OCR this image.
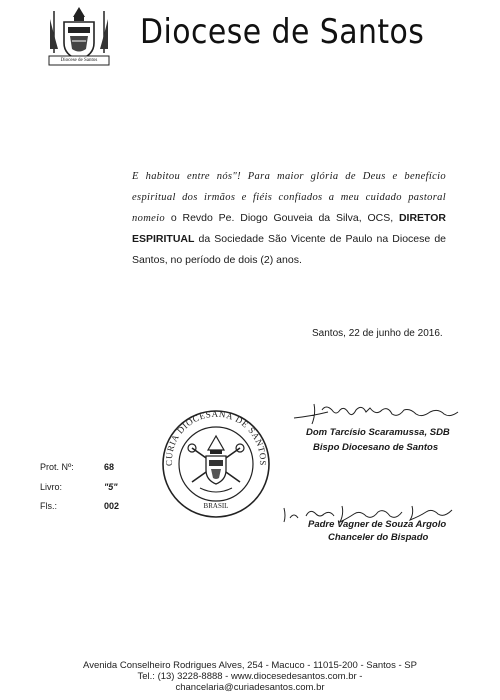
Diocese de Santos
Diocese de Santos
E habitou entre nós"! Para maior glória de Deus e benefício espiritual dos irmãos e fiéis confiados a meu cuidado pastoral nomeio o Revdo Pe. Diogo Gouveia da Silva, OCS, DIRETOR ESPIRITUAL da Sociedade São Vicente de Paulo na Diocese de Santos, no período de dois (2) anos.
Santos, 22 de junho de 2016.
Dom Tarcísio Scaramussa, SDB
Bispo Diocesano de Santos
BRASIL
CURIA DIOCESANA DE SANTOS
Prot. Nº:	68
Livro:	"5"
Fls.:	002
Padre Vagner de Souza Argolo
Chanceler do Bispado
Avenida Conselheiro Rodrigues Alves, 254 - Macuco - 11015-200 - Santos - SP
Tel.: (13) 3228-8888 - www.diocesedesantos.com.br -
chancelaria@curiadesantos.com.br
